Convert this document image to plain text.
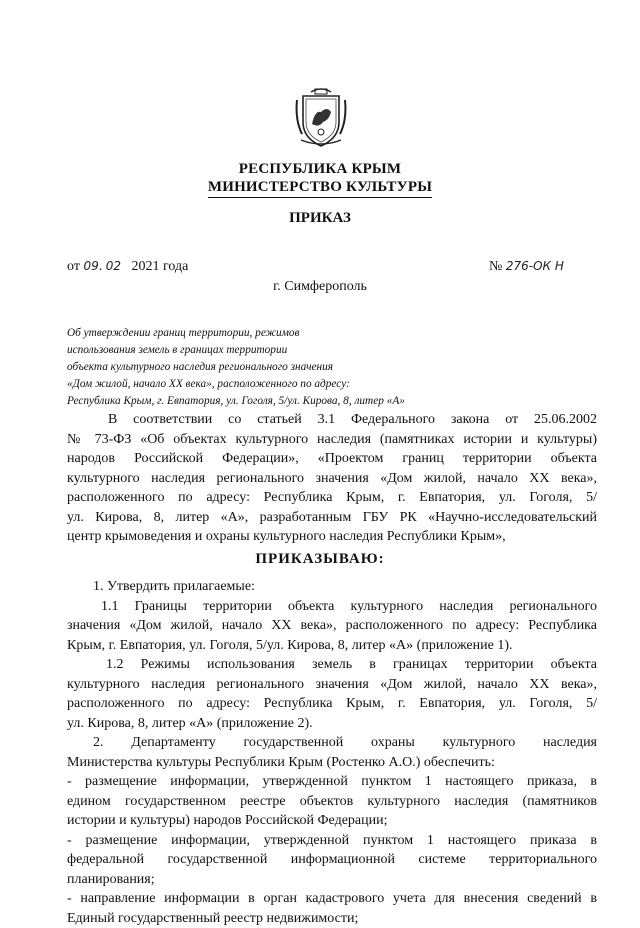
РЕСПУБЛИКА КРЫМ
МИНИСТЕРСТВО КУЛЬТУРЫ
ПРИКАЗ
от 09. 02 2021 года	№ 276-ОК Н
г. Симферополь
Об утверждении границ территории, режимов
использования земель в границах территории
объекта культурного наследия регионального значения
«Дом жилой, начало XX века», расположенного по адресу:
Республика Крым, г. Евпатория, ул. Гоголя, 5/ул. Кирова, 8, литер «А»
В соответствии со статьей 3.1 Федерального закона от 25.06.2002
№ 73-ФЗ «Об объектах культурного наследия (памятниках истории и культуры)
народов Российской Федерации», «Проектом границ территории объекта
культурного наследия регионального значения «Дом жилой, начало XX века»,
расположенного по адресу: Республика Крым, г. Евпатория, ул. Гоголя, 5/
ул. Кирова, 8, литер «А», разработанным ГБУ РК «Научно-исследовательский
центр крымоведения и охраны культурного наследия Республики Крым»,
ПРИКАЗЫВАЮ:
1. Утвердить прилагаемые:
1.1 Границы территории объекта культурного наследия регионального
значения «Дом жилой, начало XX века», расположенного по адресу: Республика
Крым, г. Евпатория, ул. Гоголя, 5/ул. Кирова, 8, литер «А» (приложение 1).
1.2 Режимы использования земель в границах территории объекта
культурного наследия регионального значения «Дом жилой, начало XX века»,
расположенного по адресу: Республика Крым, г. Евпатория, ул. Гоголя, 5/
ул. Кирова, 8, литер «А» (приложение 2).
2. Департаменту государственной охраны культурного наследия
Министерства культуры Республики Крым (Ростенко А.О.) обеспечить:
- размещение информации, утвержденной пунктом 1 настоящего приказа, в
едином государственном реестре объектов культурного наследия (памятников
истории и культуры) народов Российской Федерации;
- размещение информации, утвержденной пунктом 1 настоящего приказа в
федеральной государственной информационной системе территориального
планирования;
- направление информации в орган кадастрового учета для внесения сведений в
Единый государственный реестр недвижимости;
